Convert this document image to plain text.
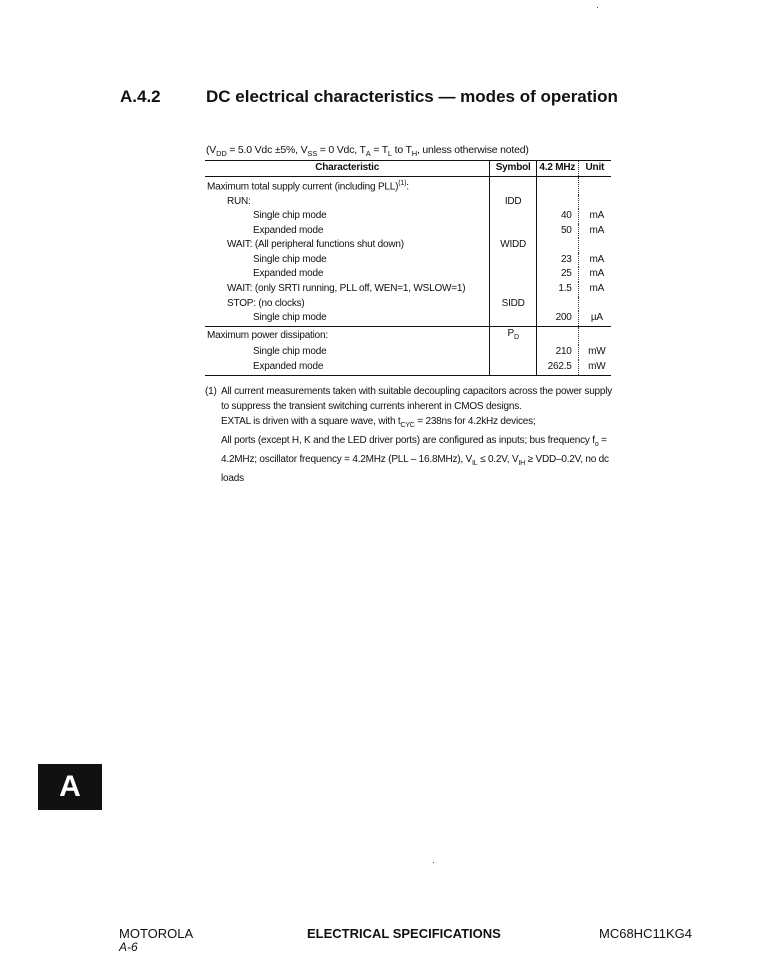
A.4.2	DC electrical characteristics — modes of operation
($V_{DD} = 5.0$ Vdc ±5%, $V_{SS} = 0$ Vdc, $T_A = T_L$ to $T_H$, unless otherwise noted)
Characteristic	Symbol	4.2 MHz	Unit
Maximum total supply current (including PLL)$^{(1)}$:			
RUN:	IDD		
Single chip mode		40	mA
Expanded mode		50	mA
WAIT: (All peripheral functions shut down)	WIDD		
Single chip mode		23	mA
Expanded mode		25	mA
WAIT: (only SRTI running, PLL off, WEN=1, WSLOW=1)		1.5	mA
STOP: (no clocks)	SIDD		
Single chip mode		200	µA
Maximum power dissipation:	$P_D$		
Single chip mode		210	mW
Expanded mode		262.5	mW
(1) All current measurements taken with suitable decoupling capacitors across the power supply to suppress the transient switching currents inherent in CMOS designs.
EXTAL is driven with a square wave, with $t_{CYC} = 238ns$ for 4.2kHz devices;
All ports (except H, K and the LED driver ports) are configured as inputs; bus frequency $f_o = 4.2MHz$; oscillator frequency = 4.2MHz (PLL – 16.8MHz), $V_{IL} \le 0.2V$, $V_{IH} \ge VDD-0.2V$, no dc loads
A
MOTOROLA
A-6
ELECTRICAL SPECIFICATIONS	MC68HC11KG4
